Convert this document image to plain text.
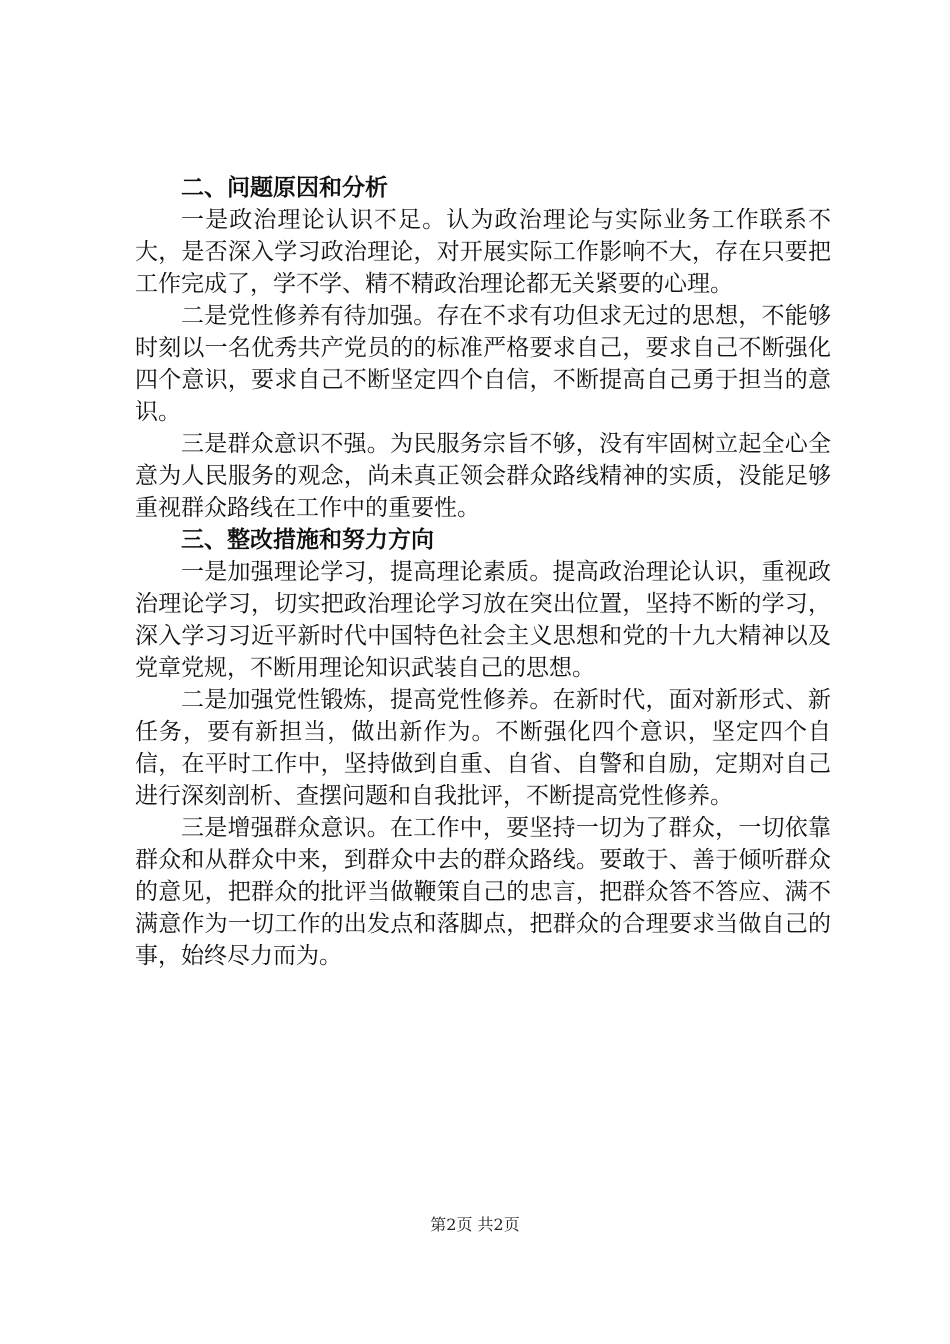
二、问题原因和分析

一是政治理论认识不足。认为政治理论与实际业务工作联系不大，是否深入学习政治理论，对开展实际工作影响不大，存在只要把工作完成了，学不学、精不精政治理论都无关紧要的心理。

二是党性修养有待加强。存在不求有功但求无过的思想，不能够时刻以一名优秀共产党员的的标准严格要求自己，要求自己不断强化四个意识，要求自己不断坚定四个自信，不断提高自己勇于担当的意识。

三是群众意识不强。为民服务宗旨不够，没有牢固树立起全心全意为人民服务的观念，尚未真正领会群众路线精神的实质，没能足够重视群众路线在工作中的重要性。

三、整改措施和努力方向

一是加强理论学习，提高理论素质。提高政治理论认识，重视政治理论学习，切实把政治理论学习放在突出位置，坚持不断的学习，深入学习习近平新时代中国特色社会主义思想和党的十九大精神以及党章党规，不断用理论知识武装自己的思想。

二是加强党性锻炼，提高党性修养。在新时代，面对新形式、新任务，要有新担当，做出新作为。不断强化四个意识，坚定四个自信，在平时工作中，坚持做到自重、自省、自警和自励，定期对自己进行深刻剖析、查摆问题和自我批评，不断提高党性修养。

三是增强群众意识。在工作中，要坚持一切为了群众，一切依靠群众和从群众中来，到群众中去的群众路线。要敢于、善于倾听群众的意见，把群众的批评当做鞭策自己的忠言，把群众答不答应、满不满意作为一切工作的出发点和落脚点，把群众的合理要求当做自己的事，始终尽力而为。

第2页 共2页
